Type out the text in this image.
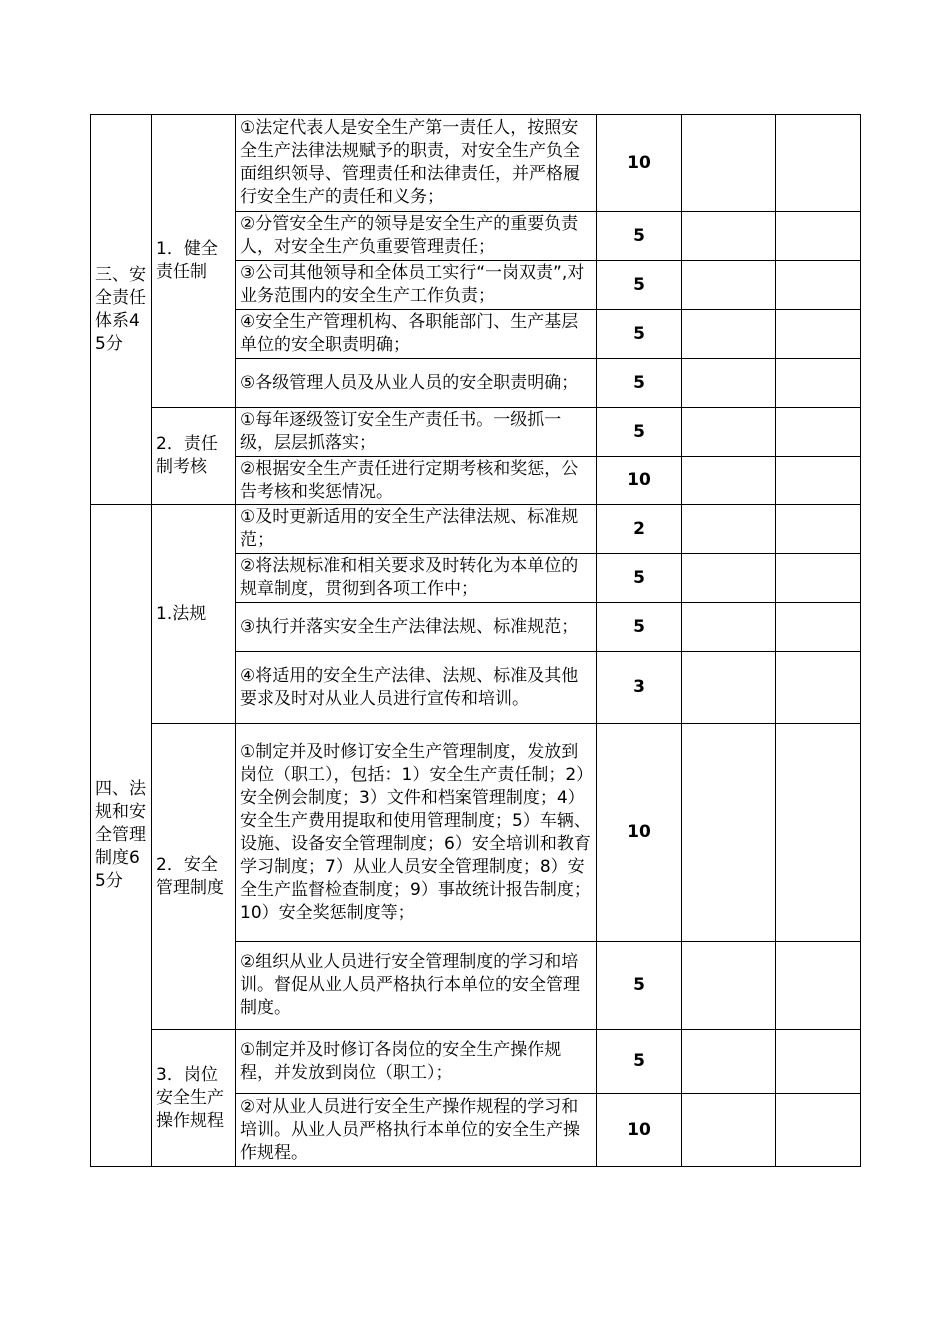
三、安全责任体系45分	1．健全责任制	①法定代表人是安全生产第一责任人，按照安全生产法律法规赋予的职责，对安全生产负全面组织领导、管理责任和法律责任，并严格履行安全生产的责任和义务；	10		
		②分管安全生产的领导是安全生产的重要负责人，对安全生产负重要管理责任；	5		
		③公司其他领导和全体员工实行“一岗双责”,对业务范围内的安全生产工作负责；	5		
		④安全生产管理机构、各职能部门、生产基层单位的安全职责明确；	5		
		⑤各级管理人员及从业人员的安全职责明确；	5		

	2．责任制考核	①每年逐级签订安全生产责任书。一级抓一级，层层抓落实；	5		
		②根据安全生产责任进行定期考核和奖惩，公告考核和奖惩情况。	10		

四、法规和安全管理制度65分	1.法规	①及时更新适用的安全生产法律法规、标准规范；	2		
		②将法规标准和相关要求及时转化为本单位的规章制度，贯彻到各项工作中；	5		
		③执行并落实安全生产法律法规、标准规范；	5		
		④将适用的安全生产法律、法规、标准及其他要求及时对从业人员进行宣传和培训。	3		

	2．安全管理制度	①制定并及时修订安全生产管理制度，发放到岗位（职工），包括：1）安全生产责任制；2）安全例会制度；3）文件和档案管理制度；4）安全生产费用提取和使用管理制度；5）车辆、设施、设备安全管理制度；6）安全培训和教育学习制度；7）从业人员安全管理制度；8）安全生产监督检查制度；9）事故统计报告制度；10）安全奖惩制度等；	10		
		②组织从业人员进行安全管理制度的学习和培训。督促从业人员严格执行本单位的安全管理制度。	5		

	3．岗位安全生产操作规程	①制定并及时修订各岗位的安全生产操作规程，并发放到岗位（职工）；	5		
		②对从业人员进行安全生产操作规程的学习和培训。从业人员严格执行本单位的安全生产操作规程。	10		
